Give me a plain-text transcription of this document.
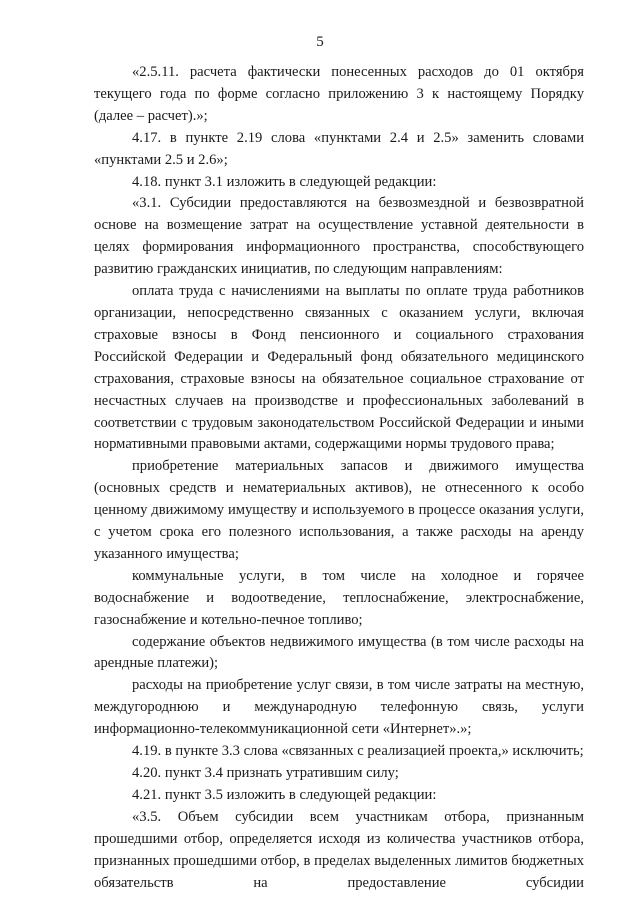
5

«2.5.11. расчета фактически понесенных расходов до 01 октября текущего года по форме согласно приложению 3 к настоящему Порядку (далее – расчет).»;

4.17. в пункте 2.19 слова «пунктами 2.4 и 2.5» заменить словами «пунктами 2.5 и 2.6»;

4.18. пункт 3.1 изложить в следующей редакции:

«3.1. Субсидии предоставляются на безвозмездной и безвозвратной основе на возмещение затрат на осуществление уставной деятельности в целях формирования информационного пространства, способствующего развитию гражданских инициатив, по следующим направлениям:

оплата труда с начислениями на выплаты по оплате труда работников организации, непосредственно связанных с оказанием услуги, включая страховые взносы в Фонд пенсионного и социального страхования Российской Федерации и Федеральный фонд обязательного медицинского страхования, страховые взносы на обязательное социальное страхование от несчастных случаев на производстве и профессиональных заболеваний в соответствии с трудовым законодательством Российской Федерации и иными нормативными правовыми актами, содержащими нормы трудового права;

приобретение материальных запасов и движимого имущества (основных средств и нематериальных активов), не отнесенного к особо ценному движимому имуществу и используемого в процессе оказания услуги, с учетом срока его полезного использования, а также расходы на аренду указанного имущества;

коммунальные услуги, в том числе на холодное и горячее водоснабжение и водоотведение, теплоснабжение, электроснабжение, газоснабжение и котельно-печное топливо;

содержание объектов недвижимого имущества (в том числе расходы на арендные платежи);

расходы на приобретение услуг связи, в том числе затраты на местную, междугороднюю и международную телефонную связь, услуги информационно-телекоммуникационной сети «Интернет».»;

4.19. в пункте 3.3 слова «связанных с реализацией проекта,» исключить;

4.20. пункт 3.4 признать утратившим силу;

4.21. пункт 3.5 изложить в следующей редакции:

«3.5. Объем субсидии всем участникам отбора, признанным прошедшими отбор, определяется исходя из количества участников отбора, признанных прошедшими отбор, в пределах выделенных лимитов бюджетных обязательств на предоставление субсидии
